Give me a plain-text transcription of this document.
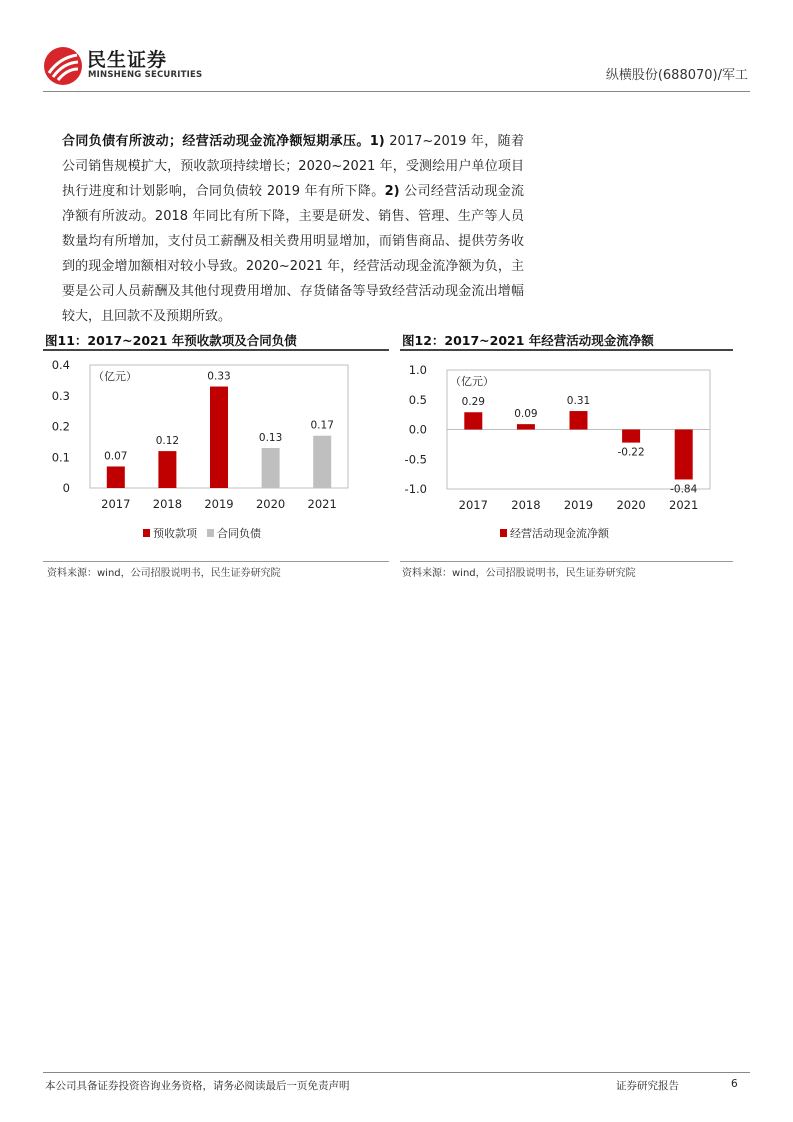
民生证券
MINSHENG SECURITIES	纵横股份(688070)/军工
合同负债有所波动；经营活动现金流净额短期承压。1) 2017~2019 年，随着公司销售规模扩大，预收款项持续增长；2020~2021 年，受测绘用户单位项目执行进度和计划影响，合同负债较 2019 年有所下降。2) 公司经营活动现金流净额有所波动。2018 年同比有所下降，主要是研发、销售、管理、生产等人员数量均有所增加，支付员工薪酬及相关费用明显增加，而销售商品、提供劳务收到的现金增加额相对较小导致。2020~2021 年，经营活动现金流净额为负，主要是公司人员薪酬及其他付现费用增加、存货储备等导致经营活动现金流出增幅较大，且回款不及预期所致。
图11：2017~2021 年预收款项及合同负债
0
0.1
0.2
0.3
0.4
（亿元）
2017 2018 2019 2020 2021
0.07
0.12
0.33
0.13
0.17
预收款项 合同负债
资料来源：wind，公司招股说明书，民生证券研究院
图12：2017~2021 年经营活动现金流净额
-1.0
-0.5
0.0
0.5
1.0
（亿元）
2017 2018 2019 2020 2021
0.29
0.09
0.31
-0.22
-0.84
经营活动现金流净额
资料来源：wind，公司招股说明书，民生证券研究院
本公司具备证券投资咨询业务资格，请务必阅读最后一页免责声明	证券研究报告	6
